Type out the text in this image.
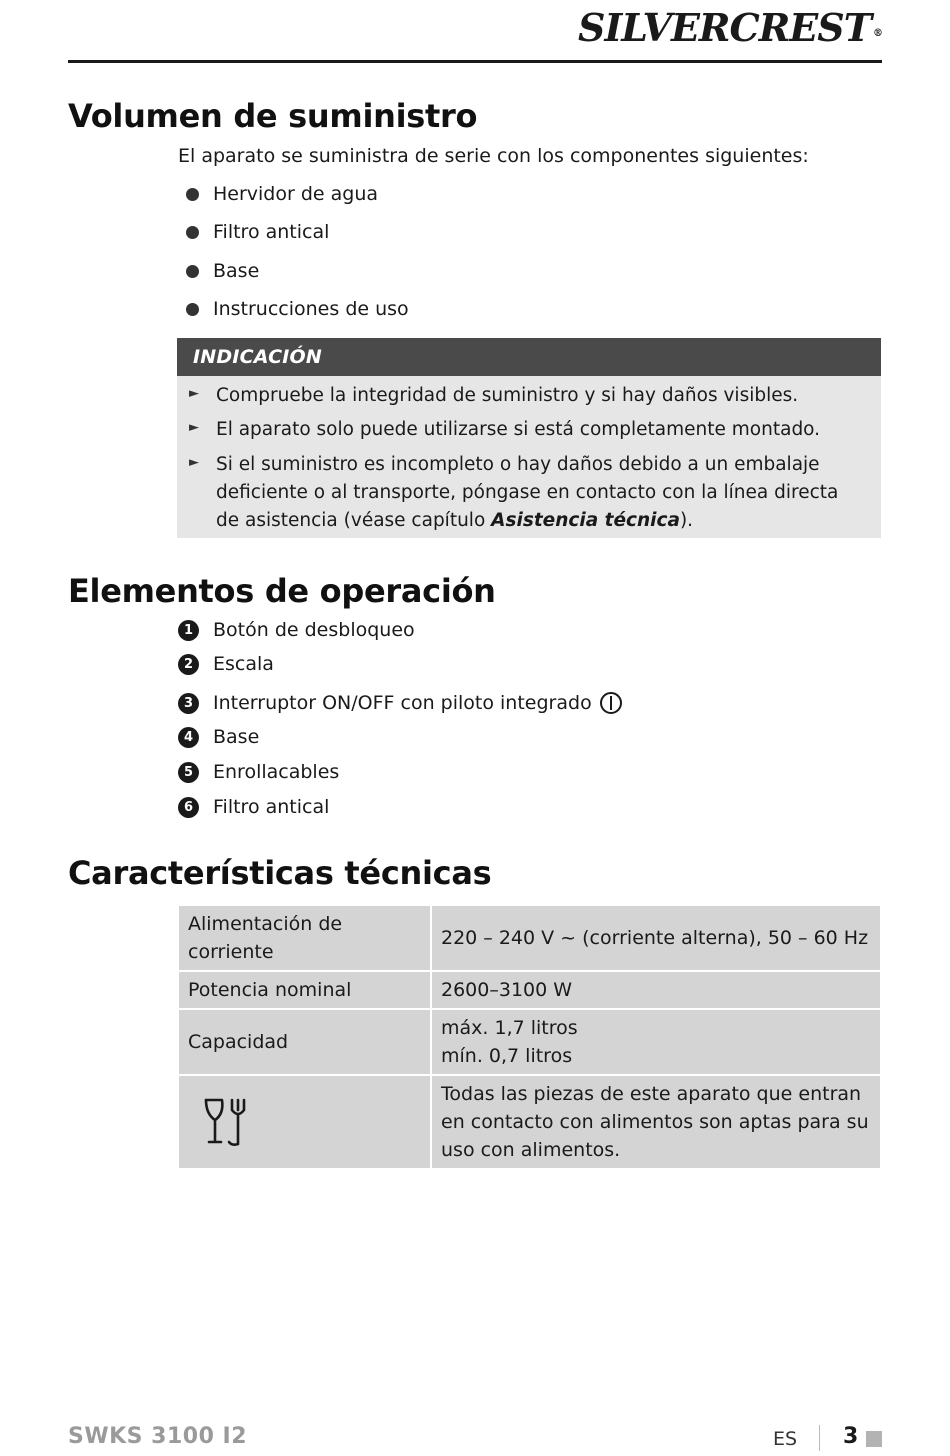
SILVERCREST ®
Volumen de suministro
El aparato se suministra de serie con los componentes siguientes:
Hervidor de agua
Filtro antical
Base
Instrucciones de uso
INDICACIÓN
► Compruebe la integridad de suministro y si hay daños visibles.
► El aparato solo puede utilizarse si está completamente montado.
► Si el suministro es incompleto o hay daños debido a un embalaje deficiente o al transporte, póngase en contacto con la línea directa de asistencia (véase capítulo Asistencia técnica).
Elementos de operación
1	Botón de desbloqueo
2	Escala
3	Interruptor ON/OFF con piloto integrado
4	Base
5	Enrollacables
6	Filtro antical
Características técnicas
Alimentación de corriente	220 – 240 V ~ (corriente alterna), 50 – 60 Hz
Potencia nominal	2600–3100 W
Capacidad	máx. 1,7 litros
mín. 0,7 litros

	Todas las piezas de este aparato que entran en contacto con alimentos son aptas para su uso con alimentos.
SWKS 3100 I2	ES 3
